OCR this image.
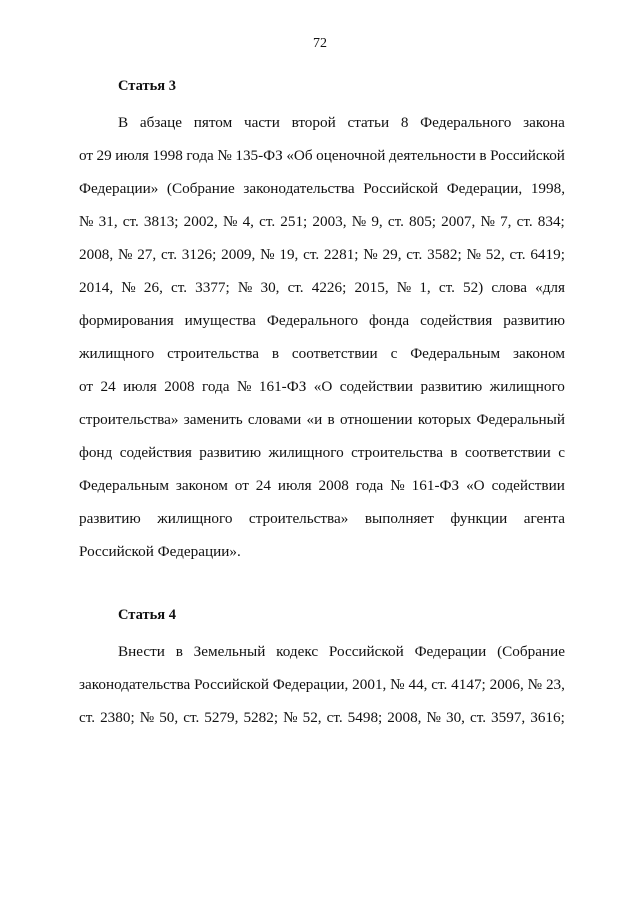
72
Статья 3
В абзаце пятом части второй статьи 8 Федерального закона
от 29 июля 1998 года № 135-ФЗ «Об оценочной деятельности в Российской
Федерации» (Собрание законодательства Российской Федерации, 1998,
№ 31, ст. 3813; 2002, № 4, ст. 251; 2003, № 9, ст. 805; 2007, № 7, ст. 834;
2008, № 27, ст. 3126; 2009, № 19, ст. 2281; № 29, ст. 3582; № 52, ст. 6419;
2014, № 26, ст. 3377; № 30, ст. 4226; 2015, № 1, ст. 52) слова «для
формирования имущества Федерального фонда содействия развитию
жилищного строительства в соответствии с Федеральным законом
от 24 июля 2008 года № 161-ФЗ «О содействии развитию жилищного
строительства» заменить словами «и в отношении которых Федеральный
фонд содействия развитию жилищного строительства в соответствии с
Федеральным законом от 24 июля 2008 года № 161-ФЗ «О содействии
развитию жилищного строительства» выполняет функции агента
Российской Федерации».
Статья 4
Внести в Земельный кодекс Российской Федерации (Собрание
законодательства Российской Федерации, 2001, № 44, ст. 4147; 2006, № 23,
ст. 2380; № 50, ст. 5279, 5282; № 52, ст. 5498; 2008, № 30, ст. 3597, 3616;
